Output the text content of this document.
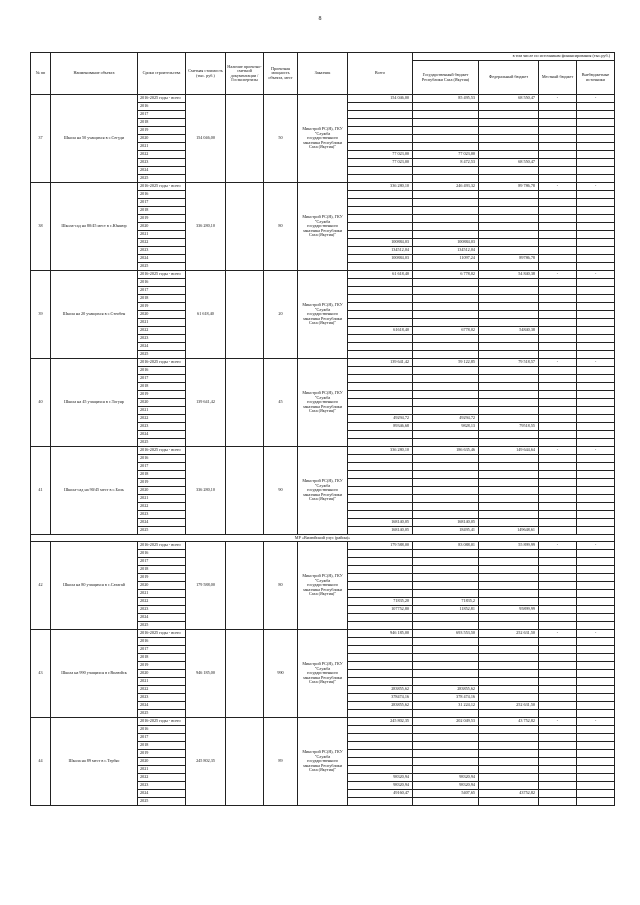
8
№ пп	Наименование объекта	Сроки строительства	Сметная стоимость (тыс. руб.)	Наличие проектно-сметной документации /Госэкспертизы	Проектная мощность объекта, мест	Заказчик	Всего	в том числе по источникам финансирования (тыс.руб.)			
								Государственный бюджет Республики Саха (Якутия)	Федеральный бюджет	Местный бюджет	Внебюджетные источники
37	Школа на 50 учащихся в с.Сегуди	2016-2025 годы - всего	154 046,00		50	Минстрой РС(Я), ГКУ "Служба государственного заказчика Республики Саха (Якутия)"	154 046,00	85 495,53	68 550,47	-	-
		2016									
		2017									
		2018									
		2019									
		2020									
		2021									
		2022					77 023,00	77 023,00			
		2023					77 023,00	8 472,53	68 550,47		
		2024									
		2025									
38	Школа-сад на 80/45 мест в с.Юнкюр	2016-2025 годы - всего	336 280,10		80	Минстрой РС(Я), ГКУ "Служба государственного заказчика Республики Саха (Якутия)"	336 280,10	246 493,32	89 786,78	-	-
		2016									
		2017									
		2018									
		2019									
		2020									
		2021									
		2022					100884,03	100884,03			
		2023					134512,04	134512,04			
		2024					100884,03	11097,24	89786,78		
		2025									
39	Школа на 20 учащихся в с.Стеобен	2016-2025 годы - всего	61 618,40		20	Минстрой РС(Я), ГКУ "Служба государственного заказчика Республики Саха (Якутия)"	61 618,40	6 778,02	54 840,38	-	-
		2016									
		2017									
		2018									
		2019									
		2020									
		2021									
		2022					61618,40	6778,02	54840,38		
		2023									
		2024									
		2025									
40	Школа на 45 учащихся в с.Тогуяр	2016-2025 годы - всего	139 641,42		45	Минстрой РС(Я), ГКУ "Служба государственного заказчика Республики Саха (Якутия)"	139 641,42	59 122,85	79 518,57	-	-
		2016									
		2017									
		2018									
		2019									
		2020									
		2021									
		2022					49294,72	49294,72			
		2023					89346,68	9828,13	79518,55		
		2024									
		2025									
41	Школа-сад на 90/45 мест в с.Боль	2016-2025 годы - всего	336 280,10		90	Минстрой РС(Я), ГКУ "Служба государственного заказчика Республики Саха (Якутия)"	336 280,10	186 635,46	149 644,64	-	-
		2016									
		2017									
		2018									
		2019									
		2020									
		2021									
		2022									
		2023									
		2024					168140,05	168140,05			
		2025					168140,05	18495,41	149648,61		
МР «Вилюйский улус (район)»											
42	Школа на 80 учащихся в с.Сатагай	2016-2025 годы - всего	179 588,00		80	Минстрой РС(Я), ГКУ "Служба государственного заказчика Республики Саха (Якутия)"	179 588,00	83 088,01	55 899,99	-	-
		2016									
		2017									
		2018									
		2019									
		2020									
		2021									
		2022					71835,20	71835,2			
		2023					107752,80	11852,81	95899,99		
		2024									
		2025									
43	Школа на 990 учащихся в г.Вилюйск	2016-2025 годы - всего	946 185,00		990	Минстрой РС(Я), ГКУ "Служба государственного заказчика Республики Саха (Якутия)"	946 185,00	693 553,50	252 631,50	-	-
		2016									
		2017									
		2018									
		2019									
		2020									
		2021									
		2022					283855,62	283855,62			
		2023					378474,16	378 474,16			
		2024					283855,62	31 224,12	252 631,50		
		2025									
44	Школа на 89 мест в с.Тербяс	2016-2025 годы - всего	245 802,35		89	Минстрой РС(Я), ГКУ "Служба государственного заказчика Республики Саха (Якутия)"	245 802,35	202 049,53	43 752,82	-	-
		2016									
		2017									
		2018									
		2019									
		2020									
		2021									
		2022					98320,94	98320,94			
		2023					98320,94	98320,94			
		2024					49160,47	5407,65	43752,82		
		2025									
